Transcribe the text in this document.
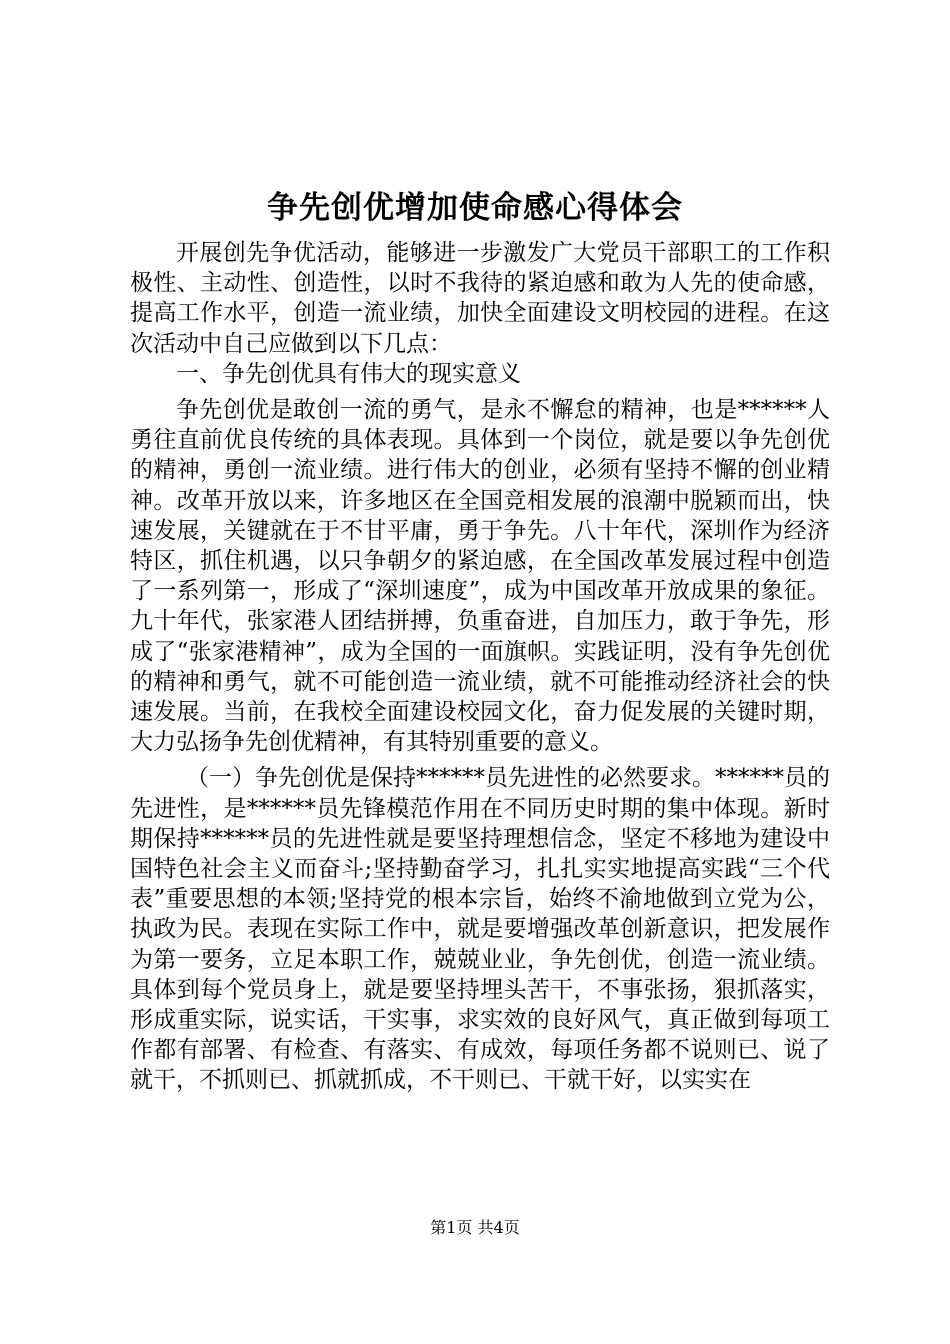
争先创优增加使命感心得体会

开展创先争优活动，能够进一步激发广大党员干部职工的工作积极性、主动性、创造性，以时不我待的紧迫感和敢为人先的使命感，提高工作水平，创造一流业绩，加快全面建设文明校园的进程。在这次活动中自己应做到以下几点：

一、争先创优具有伟大的现实意义

争先创优是敢创一流的勇气，是永不懈怠的精神，也是******人勇往直前优良传统的具体表现。具体到一个岗位，就是要以争先创优的精神，勇创一流业绩。进行伟大的创业，必须有坚持不懈的创业精神。改革开放以来，许多地区在全国竞相发展的浪潮中脱颖而出，快速发展，关键就在于不甘平庸，勇于争先。八十年代，深圳作为经济特区，抓住机遇，以只争朝夕的紧迫感，在全国改革发展过程中创造了一系列第一，形成了“深圳速度”，成为中国改革开放成果的象征。九十年代，张家港人团结拼搏，负重奋进，自加压力，敢于争先，形成了“张家港精神”，成为全国的一面旗帜。实践证明，没有争先创优的精神和勇气，就不可能创造一流业绩，就不可能推动经济社会的快速发展。当前，在我校全面建设校园文化，奋力促发展的关键时期，大力弘扬争先创优精神，有其特别重要的意义。

（一）争先创优是保持******员先进性的必然要求。******员的先进性，是******员先锋模范作用在不同历史时期的集中体现。新时期保持******员的先进性就是要坚持理想信念，坚定不移地为建设中国特色社会主义而奋斗;坚持勤奋学习，扎扎实实地提高实践“三个代表”重要思想的本领;坚持党的根本宗旨，始终不渝地做到立党为公，执政为民。表现在实际工作中，就是要增强改革创新意识，把发展作为第一要务，立足本职工作，兢兢业业，争先创优，创造一流业绩。具体到每个党员身上，就是要坚持埋头苦干，不事张扬，狠抓落实，形成重实际，说实话，干实事，求实效的良好风气，真正做到每项工作都有部署、有检查、有落实、有成效，每项任务都不说则已、说了就干，不抓则已、抓就抓成，不干则已、干就干好，以实实在

第1页 共4页
